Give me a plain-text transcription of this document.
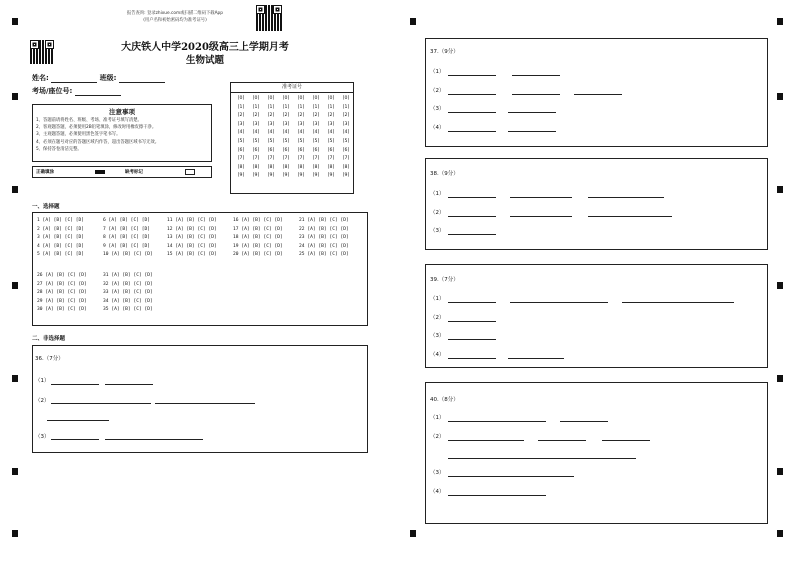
报告查询: 登录zhixue.com或扫描二维码下载App
(用户名和初始密码均为准考证号)
大庆铁人中学2020级高三上学期月考
生物试题
姓名:	班级:
考场/座位号:
注意事项
1、答题前请将姓名、班级、考场、准考证号填写清楚。
2、客观题答题，必须使用2B铅笔填涂，修改时用橡皮擦干净。
3、主观题答题，必须使用黑色签字笔书写。
4、必须在题号对应的答题区域内作答，超出答题区域书写无效。
5、保持答卷清洁完整。
正确填涂	缺考标记
准考证号
[0]
[1]
[2]
[3]
[4]
[5]
[6]
[7]
[8]
[9]
[0]
[1]
[2]
[3]
[4]
[5]
[6]
[7]
[8]
[9]
[0]
[1]
[2]
[3]
[4]
[5]
[6]
[7]
[8]
[9]
[0]
[1]
[2]
[3]
[4]
[5]
[6]
[7]
[8]
[9]
[0]
[1]
[2]
[3]
[4]
[5]
[6]
[7]
[8]
[9]
[0]
[1]
[2]
[3]
[4]
[5]
[6]
[7]
[8]
[9]
[0]
[1]
[2]
[3]
[4]
[5]
[6]
[7]
[8]
[9]
[0]
[1]
[2]
[3]
[4]
[5]
[6]
[7]
[8]
[9]
一、选择题
1 [A] [B] [C] [D]
2 [A] [B] [C] [D]
3 [A] [B] [C] [D]
4 [A] [B] [C] [D]
5 [A] [B] [C] [D]
6 [A] [B] [C] [D]
7 [A] [B] [C] [D]
8 [A] [B] [C] [D]
9 [A] [B] [C] [D]
10 [A] [B] [C] [D]
11 [A] [B] [C] [D]
12 [A] [B] [C] [D]
13 [A] [B] [C] [D]
14 [A] [B] [C] [D]
15 [A] [B] [C] [D]
16 [A] [B] [C] [D]
17 [A] [B] [C] [D]
18 [A] [B] [C] [D]
19 [A] [B] [C] [D]
20 [A] [B] [C] [D]
21 [A] [B] [C] [D]
22 [A] [B] [C] [D]
23 [A] [B] [C] [D]
24 [A] [B] [C] [D]
25 [A] [B] [C] [D]
26 [A] [B] [C] [D]
27 [A] [B] [C] [D]
28 [A] [B] [C] [D]
29 [A] [B] [C] [D]
30 [A] [B] [C] [D]
31 [A] [B] [C] [D]
32 [A] [B] [C] [D]
33 [A] [B] [C] [D]
34 [A] [B] [C] [D]
35 [A] [B] [C] [D]
二、非选择题
36.（7分）
（1）
（2）
（3）
37.（9分）
（1）
（2）
（3）
（4）
38.（9分）
（1）
（2）
（3）
39.（7分）
（1）
（2）
（3）
（4）
40.（8分）
（1）
（2）
（3）
（4）
